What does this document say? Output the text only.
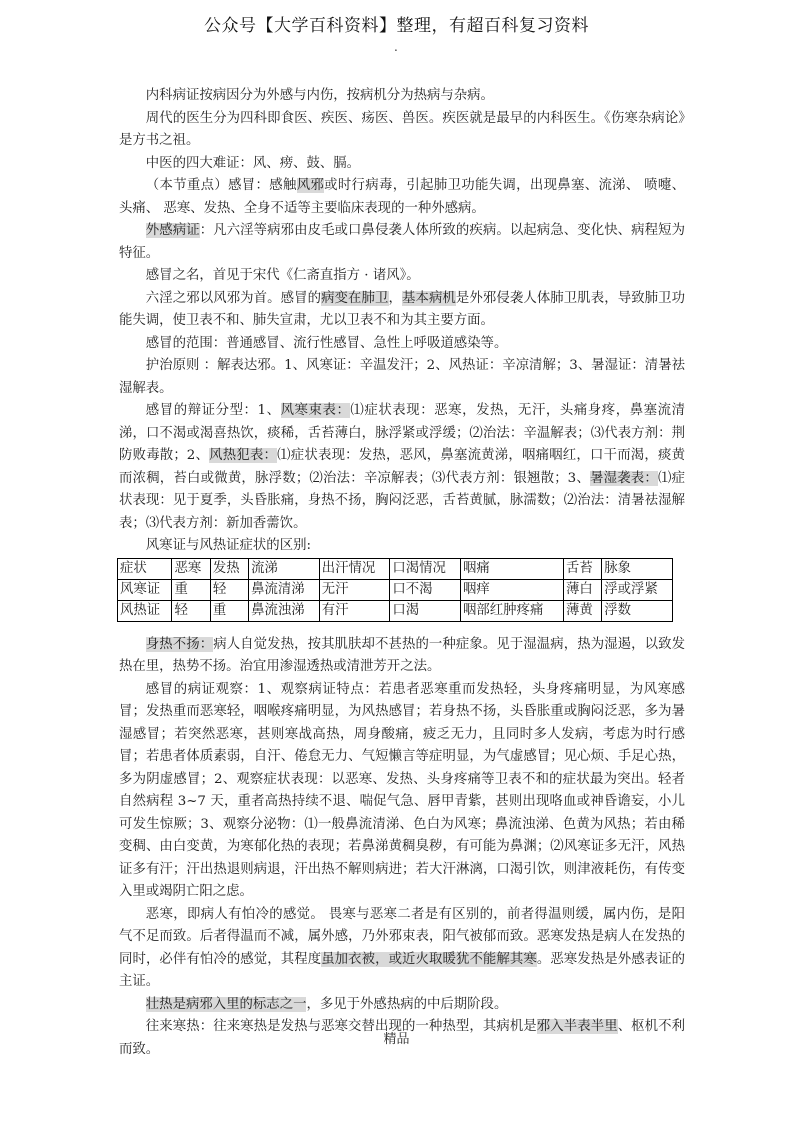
公众号【大学百科资料】整理，有超百科复习资料
.

内科病证按病因分为外感与内伤，按病机分为热病与杂病。

周代的医生分为四科即食医、疾医、疡医、兽医。疾医就是最早的内科医生。《伤寒杂病论》是方书之祖。

中医的四大难证：风、痨、鼓、膈。

（本节重点）感冒：感触风邪或时行病毒，引起肺卫功能失调，出现鼻塞、流涕、 喷嚏、 头痛、 恶寒、发热、全身不适等主要临床表现的一种外感病。

外感病证：凡六淫等病邪由皮毛或口鼻侵袭人体所致的疾病。以起病急、变化快、病程短为特征。

感冒之名，首见于宋代《仁斋直指方 · 诸风》。

六淫之邪以风邪为首。感冒的病变在肺卫，基本病机是外邪侵袭人体肺卫肌表，导致肺卫功能失调，使卫表不和、肺失宣肃，尤以卫表不和为其主要方面。

感冒的范围：普通感冒、流行性感冒、急性上呼吸道感染等。

护治原则 ：解表达邪。1、风寒证：辛温发汗；2、风热证：辛凉清解；3、暑湿证：清暑祛湿解表。

感冒的辩证分型：1、风寒束表：⑴症状表现：恶寒，发热，无汗，头痛身疼，鼻塞流清涕，口不渴或渴喜热饮，痰稀，舌苔薄白，脉浮紧或浮缓；⑵治法：辛温解表；⑶代表方剂：荆防败毒散；2、风热犯表：⑴症状表现：发热，恶风，鼻塞流黄涕，咽痛咽红，口干而渴，痰黄而浓稠，苔白或微黄，脉浮数；⑵治法：辛凉解表；⑶代表方剂：银翘散；3、暑湿袭表：⑴症状表现：见于夏季，头昏胀痛，身热不扬，胸闷泛恶，舌苔黄腻，脉濡数；⑵治法：清暑祛湿解表；⑶代表方剂：新加香薷饮。

风寒证与风热证症状的区别:

症状	恶寒	发热	流涕	出汗情况	口渴情况	咽痛	舌苔	脉象
风寒证	重	轻	鼻流清涕	无汗	口不渴	咽痒	薄白	浮或浮紧
风热证	轻	重	鼻流浊涕	有汗	口渴	咽部红肿疼痛	薄黄	浮数

身热不扬：病人自觉发热，按其肌肤却不甚热的一种症象。见于湿温病，热为湿遏，以致发热在里，热势不扬。治宜用渗湿透热或清泄芳开之法。

感冒的病证观察：1、观察病证特点：若患者恶寒重而发热轻，头身疼痛明显，为风寒感冒；发热重而恶寒轻，咽喉疼痛明显，为风热感冒；若身热不扬，头昏胀重或胸闷泛恶，多为暑湿感冒；若突然恶寒，甚则寒战高热，周身酸痛，疲乏无力，且同时多人发病，考虑为时行感冒；若患者体质素弱，自汗、倦怠无力、气短懒言等症明显，为气虚感冒；见心烦、手足心热，多为阴虚感冒；2、观察症状表现：以恶寒、发热、头身疼痛等卫表不和的症状最为突出。轻者自然病程 3~7 天，重者高热持续不退、喘促气急、唇甲青紫，甚则出现咯血或神昏谵妄，小儿可发生惊厥；3、观察分泌物：⑴一般鼻流清涕、色白为风寒；鼻流浊涕、色黄为风热；若由稀变稠、由白变黄，为寒郁化热的表现；若鼻涕黄稠臭秽，有可能为鼻渊；⑵风寒证多无汗，风热证多有汗；汗出热退则病退，汗出热不解则病进；若大汗淋漓，口渴引饮，则津液耗伤，有传变入里或竭阴亡阳之虑。

恶寒，即病人有怕冷的感觉。 畏寒与恶寒二者是有区别的，前者得温则缓，属内伤，是阳气不足而致。后者得温而不减，属外感，乃外邪束表，阳气被郁而致。恶寒发热是病人在发热的同时，必伴有怕冷的感觉，其程度虽加衣被，或近火取暖犹不能解其寒。恶寒发热是外感表证的主证。

壮热是病邪入里的标志之一，多见于外感热病的中后期阶段。

往来寒热：往来寒热是发热与恶寒交替出现的一种热型，其病机是邪入半表半里、枢机不利而致。

精品
